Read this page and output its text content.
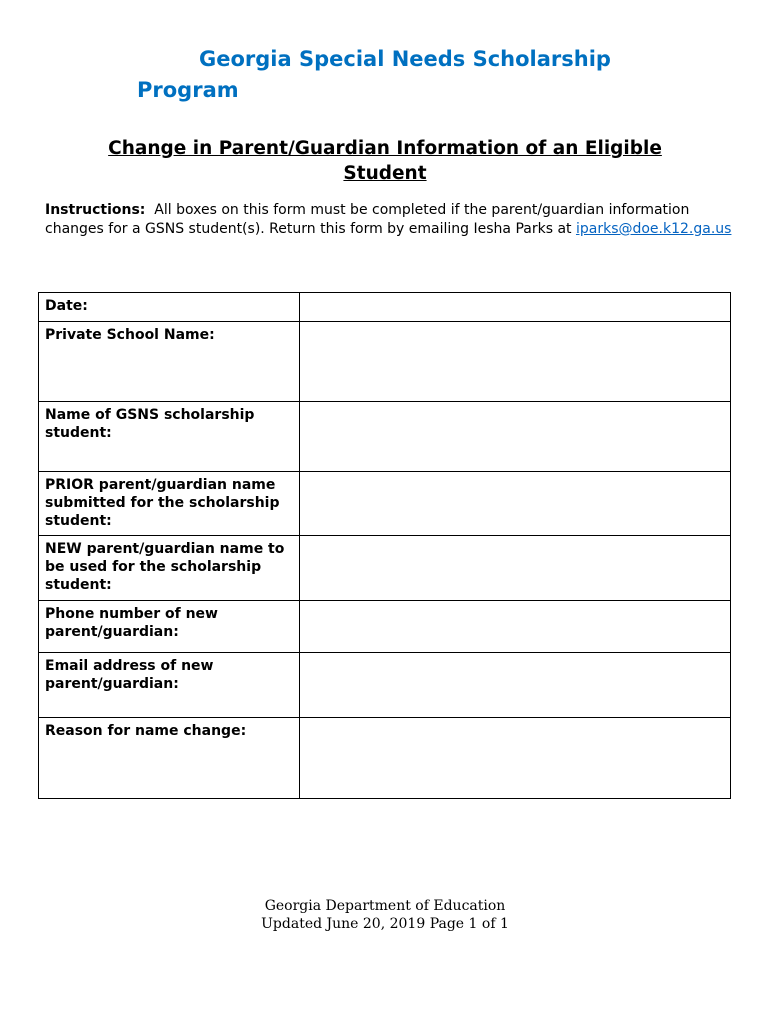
Georgia Special Needs Scholarship
Program
Change in Parent/Guardian Information of an Eligible
Student
Instructions: All boxes on this form must be completed if the parent/guardian information changes for a GSNS student(s). Return this form by emailing Iesha Parks at iparks@doe.k12.ga.us
Date:	

Private School Name:	

Name of GSNS scholarship student:	

PRIOR parent/guardian name submitted for the scholarship student:	

NEW parent/guardian name to be used for the scholarship student:	

Phone number of new parent/guardian:	

Email address of new parent/guardian:	

Reason for name change:	
Georgia Department of Education
Updated June 20, 2019 Page 1 of 1
